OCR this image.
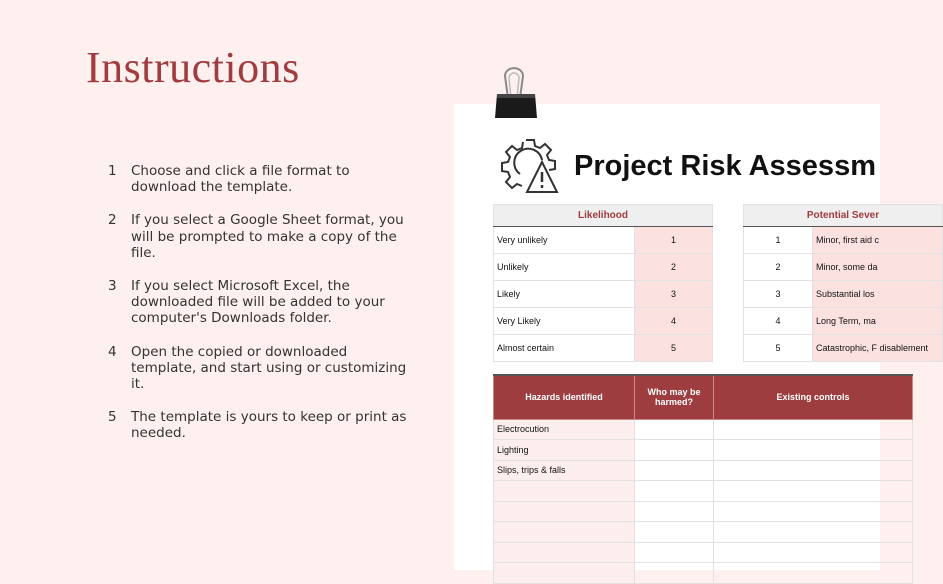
Instructions
1	Choose and click a file format to download the template.
2	If you select a Google Sheet format, you will be prompted to make a copy of the file.
3	If you select Microsoft Excel, the downloaded file will be added to your computer's Downloads folder.
4	Open the copied or downloaded template, and start using or customizing it.
5	The template is yours to keep or print as needed.
Project Risk Assessm
Likelihood	
Very unlikely	1
Unlikely	2
Likely	3
Very Likely	4
Almost certain	5
Potential Sever	
1	Minor, first aid c
2	Minor, some da
3	Substantial los
4	Long Term, ma
5	Catastrophic, F disablement
Hazards identified	Who may be harmed?	Existing controls
Electrocution		
Lighting		
Slips, trips & falls		
